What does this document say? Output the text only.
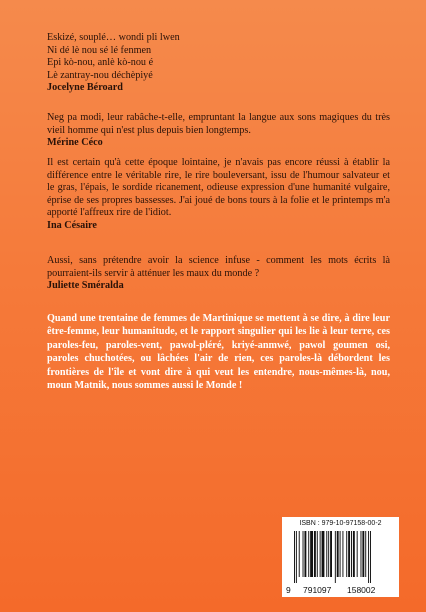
Eskizé, souplé… wondi pli lwen
Ni dé lè nou sé lé fenmen
Epi kò-nou, anlè kò-nou é
Lè zantray-nou déchèpiyé
Jocelyne Béroard
Neg pa modi, leur rabâche-t-elle, empruntant la langue aux sons magiques du très vieil homme qui n'est plus depuis bien longtemps.
Mérine Céco
Il est certain qu'à cette époque lointaine, je n'avais pas encore réussi à établir la différence entre le véritable rire, le rire bouleversant, issu de l'humour salvateur et le gras, l'épais, le sordide ricanement, odieuse expression d'une humanité vulgaire, éprise de ses propres bassesses. J'ai joué de bons tours à la folie et le printemps m'a apporté l'affreux rire de l'idiot.
Ina Césaire
Aussi, sans prétendre avoir la science infuse - comment les mots écrits là pourraient-ils servir à atténuer les maux du monde ?
Juliette Sméralda
Quand une trentaine de femmes de Martinique se mettent à se dire, à dire leur être-femme, leur humanitude, et le rapport singulier qui les lie à leur terre, ces paroles-feu, paroles-vent, pawol-pléré, kriyé-anmwé, pawol goumen osi, paroles chuchotées, ou lâchées l'air de rien, ces paroles-là débordent les frontières de l'île et vont dire à qui veut les entendre, nous-mêmes-là, nou, moun Matnik, nous sommes aussi le Monde !
ISBN : 979-10-97158-00-2
9 791097 158002
